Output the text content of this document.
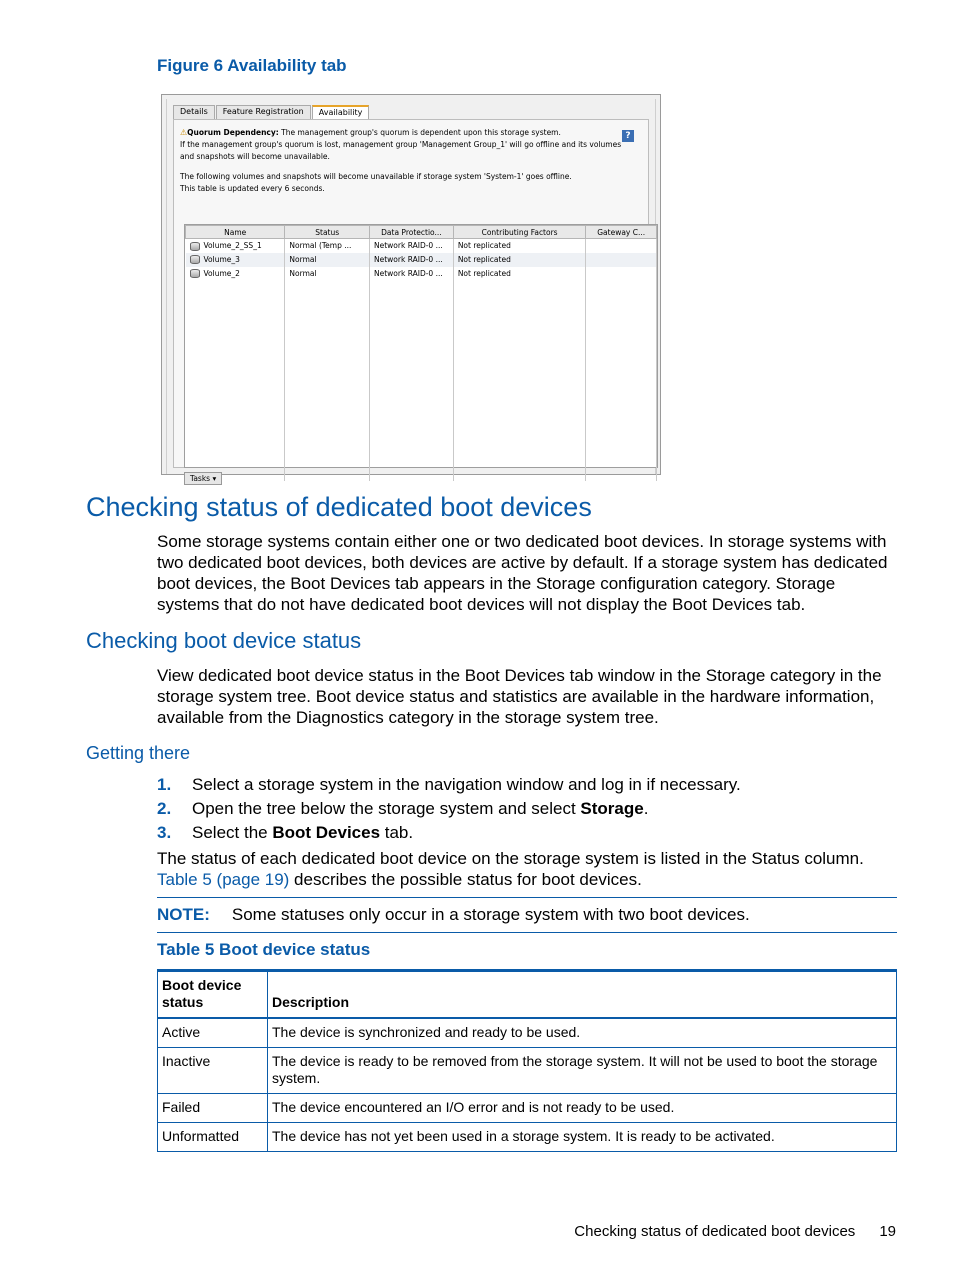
Figure 6 Availability tab
Details	Feature Registration	Availability
⚠Quorum Dependency: The management group's quorum is dependent upon this storage system.
If the management group's quorum is lost, management group 'Management Group_1' will go offline and its volumes
and snapshots will become unavailable.
The following volumes and snapshots will become unavailable if storage system 'System-1' goes offline.
This table is updated every 6 seconds.
?
Name	Status	Data Protectio...	Contributing Factors	Gateway C...
Volume_2_SS_1	Normal (Temp ...	Network RAID-0 ...	Not replicated	
Volume_3	Normal	Network RAID-0 ...	Not replicated	
Volume_2	Normal	Network RAID-0 ...	Not replicated	

Tasks ▾
Checking status of dedicated boot devices

Some storage systems contain either one or two dedicated boot devices. In storage systems with two dedicated boot devices, both devices are active by default. If a storage system has dedicated boot devices, the Boot Devices tab appears in the Storage configuration category. Storage systems that do not have dedicated boot devices will not display the Boot Devices tab.

Checking boot device status

View dedicated boot device status in the Boot Devices tab window in the Storage category in the storage system tree. Boot device status and statistics are available in the hardware information, available from the Diagnostics category in the storage system tree.

Getting there
1.	Select a storage system in the navigation window and log in if necessary.
2.	Open the tree below the storage system and select Storage.
3.	Select the Boot Devices tab.

The status of each dedicated boot device on the storage system is listed in the Status column.
Table 5 (page 19) describes the possible status for boot devices.

NOTE: Some statuses only occur in a storage system with two boot devices.
Table 5 Boot device status
Boot device status	Description
Active	The device is synchronized and ready to be used.
Inactive	The device is ready to be removed from the storage system. It will not be used to boot the storage system.
Failed	The device encountered an I/O error and is not ready to be used.
Unformatted	The device has not yet been used in a storage system. It is ready to be activated.
Checking status of dedicated boot devices 19
